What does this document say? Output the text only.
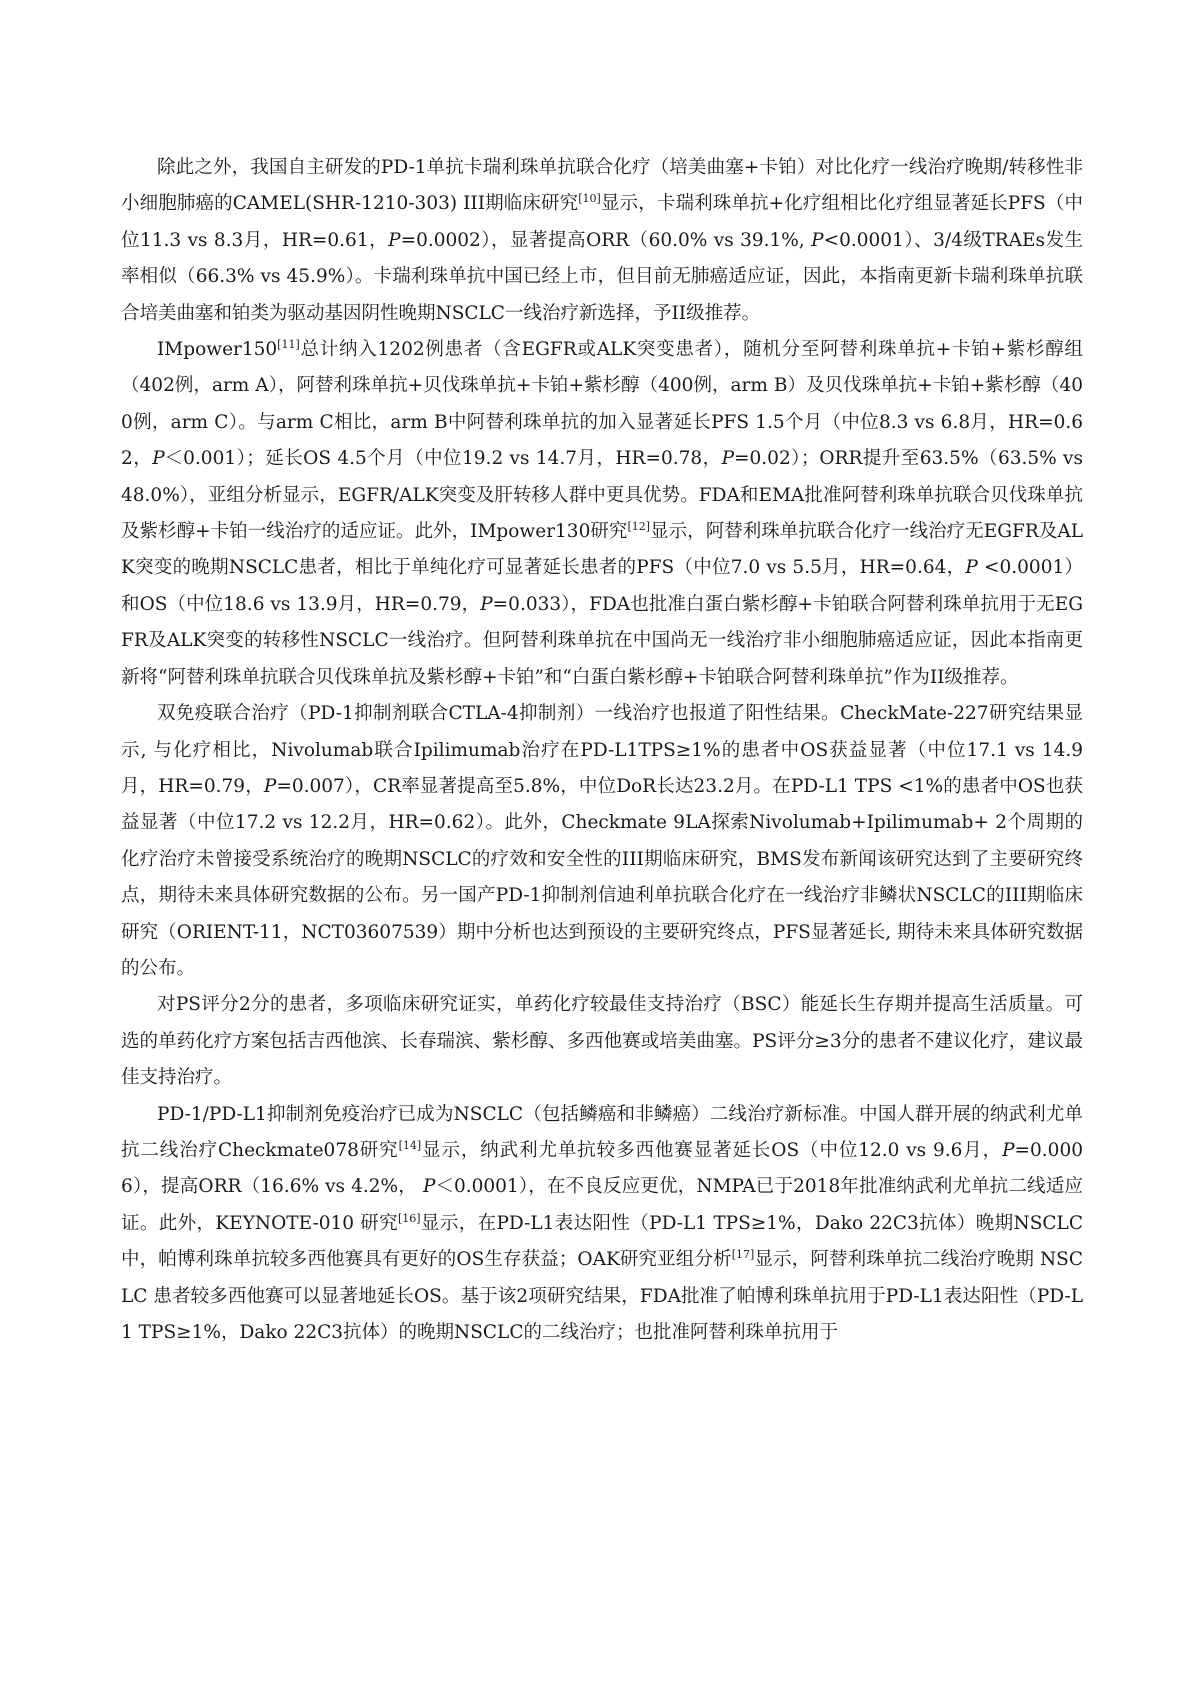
除此之外，我国自主研发的PD-1单抗卡瑞利珠单抗联合化疗（培美曲塞+卡铂）对比化疗一线治疗晚期/转移性非小细胞肺癌的CAMEL(SHR-1210-303) III期临床研究[10]显示，卡瑞利珠单抗+化疗组相比化疗组显著延长PFS（中位11.3 vs 8.3月，HR=0.61，P=0.0002），显著提高ORR（60.0% vs 39.1%, P<0.0001）、3/4级TRAEs发生率相似（66.3% vs 45.9%）。卡瑞利珠单抗中国已经上市，但目前无肺癌适应证，因此，本指南更新卡瑞利珠单抗联合培美曲塞和铂类为驱动基因阴性晚期NSCLC一线治疗新选择，予II级推荐。

IMpower150[11]总计纳入1202例患者（含EGFR或ALK突变患者），随机分至阿替利珠单抗+卡铂+紫杉醇组（402例，arm A），阿替利珠单抗+贝伐珠单抗+卡铂+紫杉醇（400例，arm B）及贝伐珠单抗+卡铂+紫杉醇（400例，arm C）。与arm C相比，arm B中阿替利珠单抗的加入显著延长PFS 1.5个月（中位8.3 vs 6.8月，HR=0.62，P＜0.001）；延长OS 4.5个月（中位19.2 vs 14.7月，HR=0.78，P=0.02）；ORR提升至63.5%（63.5% vs 48.0%），亚组分析显示，EGFR/ALK突变及肝转移人群中更具优势。FDA和EMA批准阿替利珠单抗联合贝伐珠单抗及紫杉醇+卡铂一线治疗的适应证。此外，IMpower130研究[12]显示，阿替利珠单抗联合化疗一线治疗无EGFR及ALK突变的晚期NSCLC患者，相比于单纯化疗可显著延长患者的PFS（中位7.0 vs 5.5月，HR=0.64，P <0.0001）和OS（中位18.6 vs 13.9月，HR=0.79，P=0.033），FDA也批准白蛋白紫杉醇+卡铂联合阿替利珠单抗用于无EGFR及ALK突变的转移性NSCLC一线治疗。但阿替利珠单抗在中国尚无一线治疗非小细胞肺癌适应证，因此本指南更新将“阿替利珠单抗联合贝伐珠单抗及紫杉醇+卡铂”和“白蛋白紫杉醇+卡铂联合阿替利珠单抗”作为II级推荐。

双免疫联合治疗（PD-1抑制剂联合CTLA-4抑制剂）一线治疗也报道了阳性结果。CheckMate-227研究结果显示, 与化疗相比，Nivolumab联合Ipilimumab治疗在PD-L1TPS≥1%的患者中OS获益显著（中位17.1 vs 14.9月，HR=0.79，P=0.007），CR率显著提高至5.8%，中位DoR长达23.2月。在PD-L1 TPS <1%的患者中OS也获益显著（中位17.2 vs 12.2月，HR=0.62）。此外，Checkmate 9LA探索Nivolumab+Ipilimumab+ 2个周期的化疗治疗未曾接受系统治疗的晚期NSCLC的疗效和安全性的III期临床研究，BMS发布新闻该研究达到了主要研究终点，期待未来具体研究数据的公布。另一国产PD-1抑制剂信迪利单抗联合化疗在一线治疗非鳞状NSCLC的III期临床研究（ORIENT-11，NCT03607539）期中分析也达到预设的主要研究终点，PFS显著延长, 期待未来具体研究数据的公布。

对PS评分2分的患者，多项临床研究证实，单药化疗较最佳支持治疗（BSC）能延长生存期并提高生活质量。可选的单药化疗方案包括吉西他滨、长春瑞滨、紫杉醇、多西他赛或培美曲塞。PS评分≥3分的患者不建议化疗，建议最佳支持治疗。

PD-1/PD-L1抑制剂免疫治疗已成为NSCLC（包括鳞癌和非鳞癌）二线治疗新标准。中国人群开展的纳武利尤单抗二线治疗Checkmate078研究[14]显示，纳武利尤单抗较多西他赛显著延长OS（中位12.0 vs 9.6月，P=0.0006），提高ORR（16.6% vs 4.2%， P＜0.0001），在不良反应更优，NMPA已于2018年批准纳武利尤单抗二线适应证。此外，KEYNOTE-010 研究[16]显示，在PD-L1表达阳性（PD-L1 TPS≥1%，Dako 22C3抗体）晚期NSCLC中，帕博利珠单抗较多西他赛具有更好的OS生存获益；OAK研究亚组分析[17]显示，阿替利珠单抗二线治疗晚期 NSCLC 患者较多西他赛可以显著地延长OS。基于该2项研究结果，FDA批准了帕博利珠单抗用于PD-L1表达阳性（PD-L1 TPS≥1%，Dako 22C3抗体）的晚期NSCLC的二线治疗；也批准阿替利珠单抗用于
